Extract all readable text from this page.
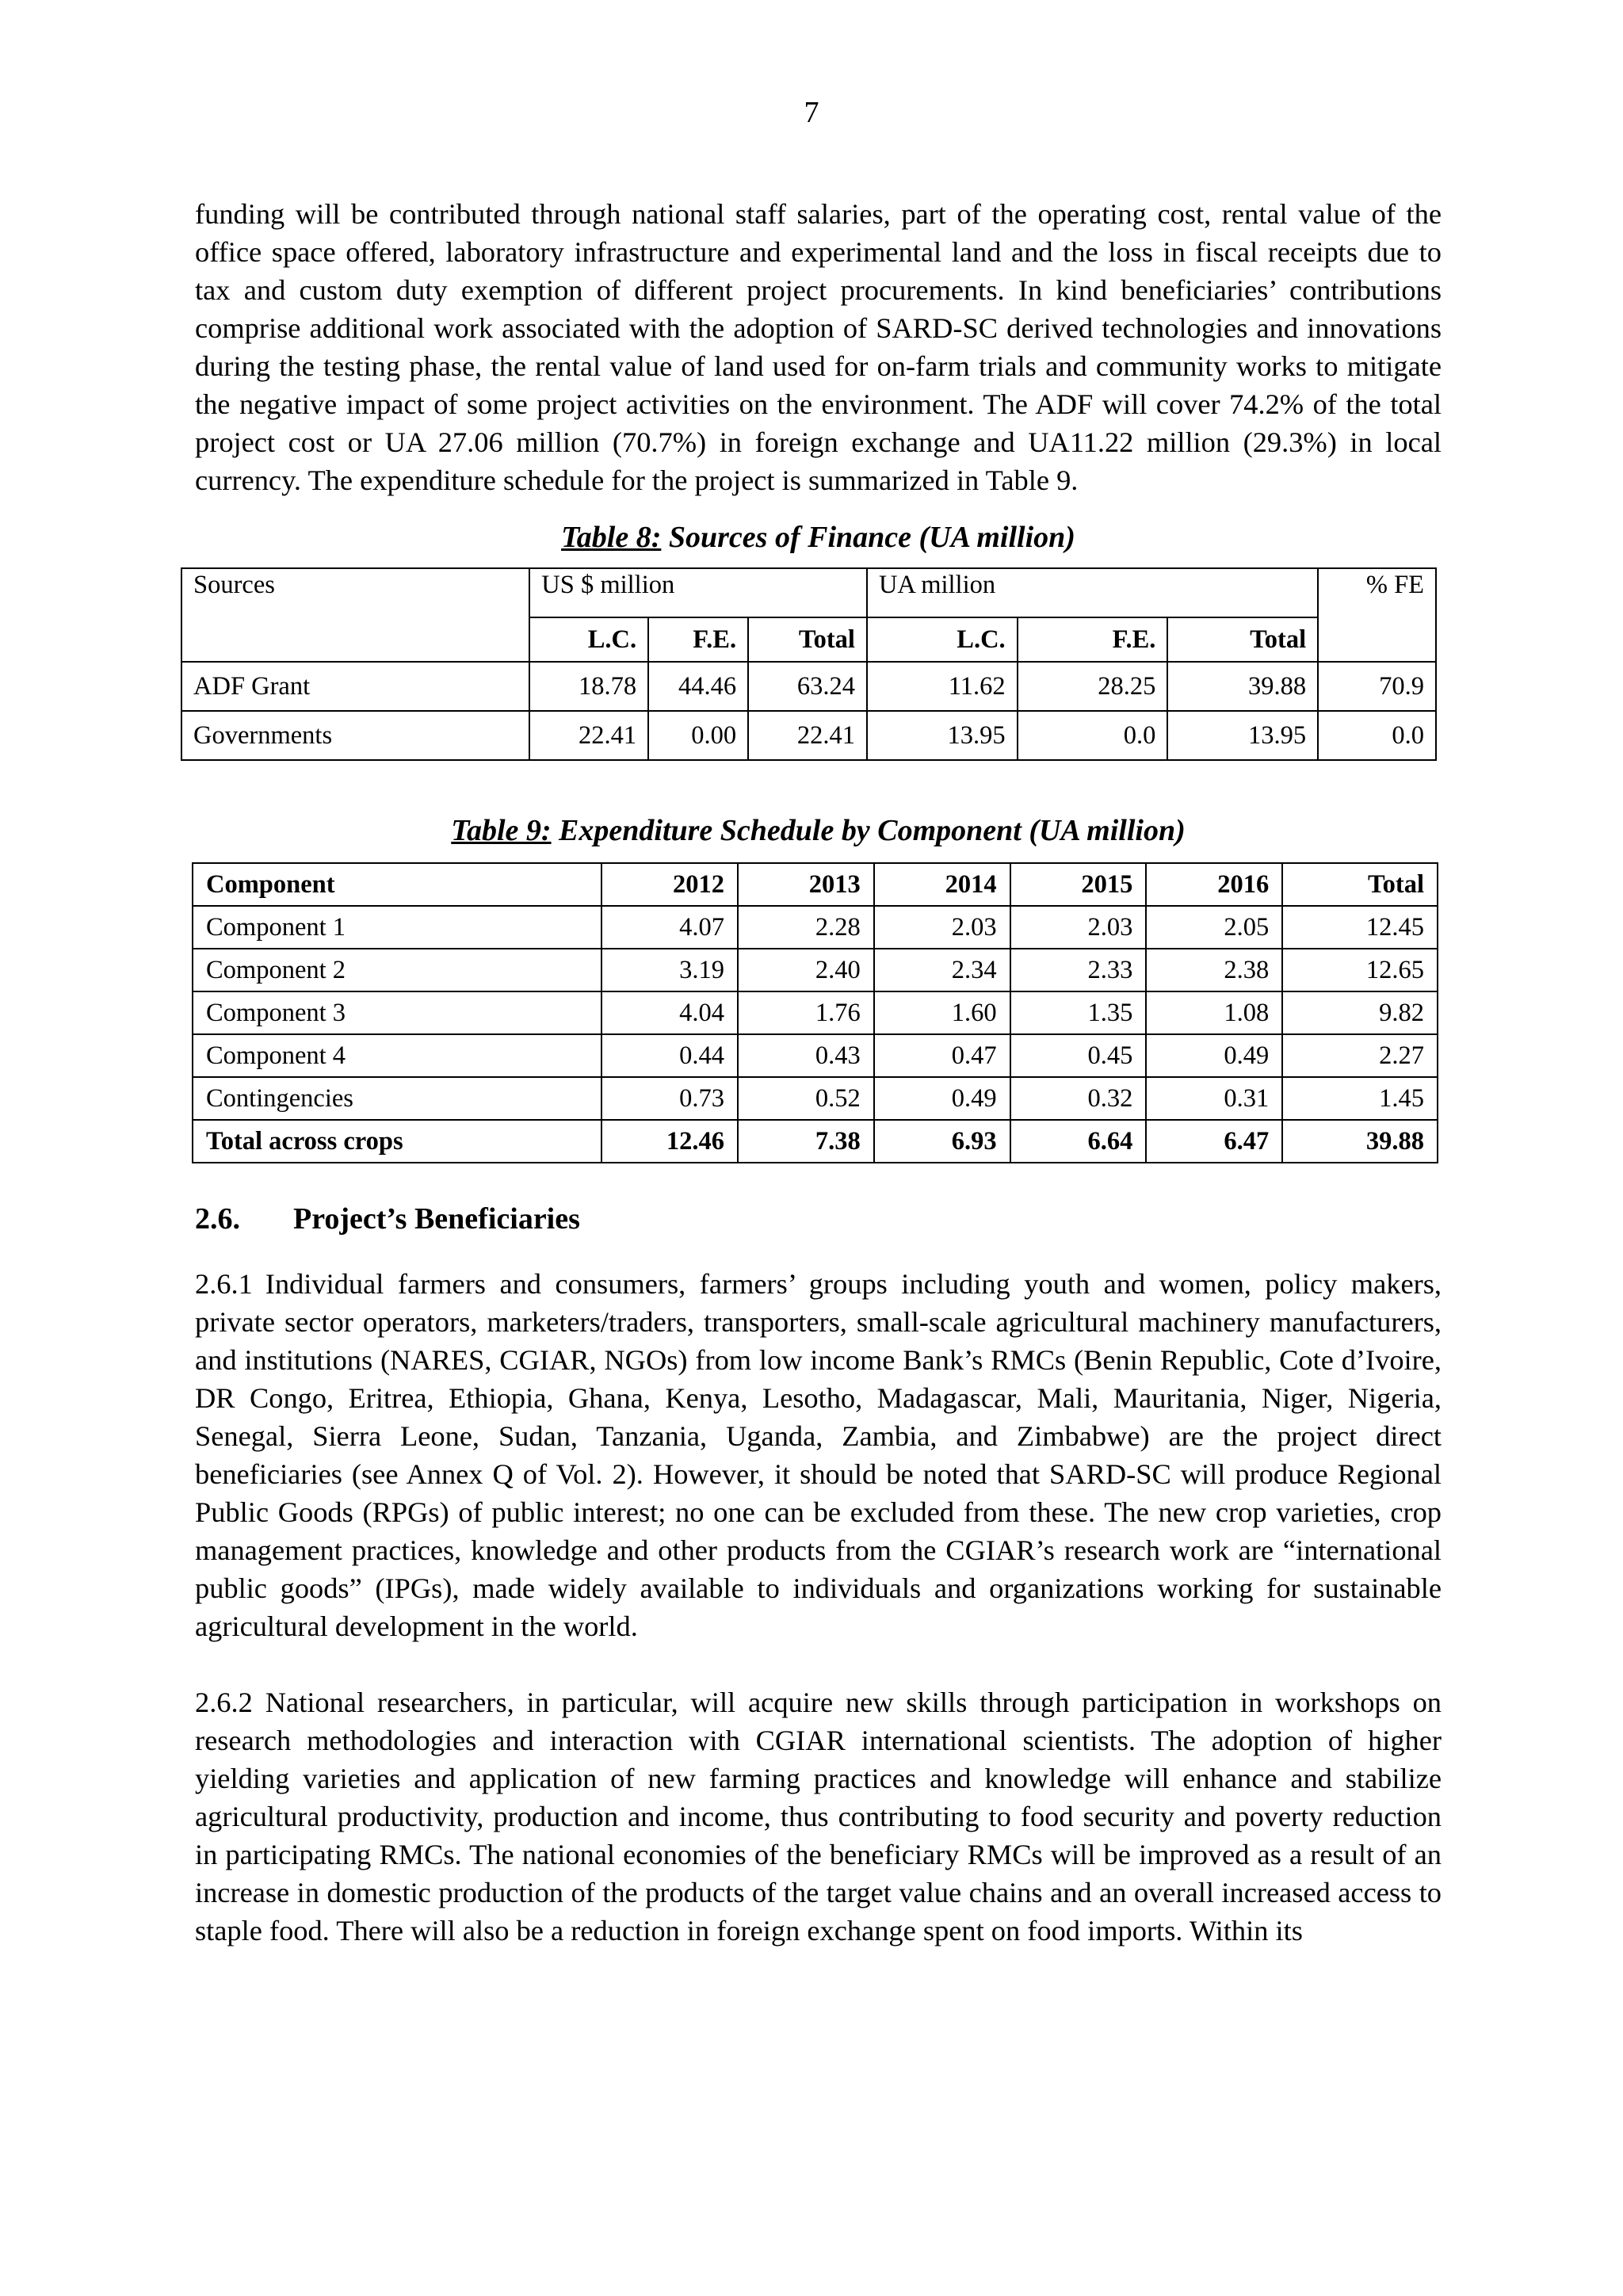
7

funding will be contributed through national staff salaries, part of the operating cost, rental value of the office space offered, laboratory infrastructure and experimental land and the loss in fiscal receipts due to tax and custom duty exemption of different project procurements. In kind beneficiaries’ contributions comprise additional work associated with the adoption of SARD-SC derived technologies and innovations during the testing phase, the rental value of land used for on-farm trials and community works to mitigate the negative impact of some project activities on the environment. The ADF will cover 74.2% of the total project cost or UA 27.06 million (70.7%) in foreign exchange and UA11.22 million (29.3%) in local currency. The expenditure schedule for the project is summarized in Table 9.

Table 8: Sources of Finance (UA million)

Sources	US $ million			UA million			% FE
	L.C.	F.E.	Total	L.C.	F.E.	Total	
ADF Grant	18.78	44.46	63.24	11.62	28.25	39.88	70.9
Governments	22.41	0.00	22.41	13.95	0.0	13.95	0.0

Table 9: Expenditure Schedule by Component (UA million)

Component	2012	2013	2014	2015	2016	Total
Component 1	4.07	2.28	2.03	2.03	2.05	12.45
Component 2	3.19	2.40	2.34	2.33	2.38	12.65
Component 3	4.04	1.76	1.60	1.35	1.08	9.82
Component 4	0.44	0.43	0.47	0.45	0.49	2.27
Contingencies	0.73	0.52	0.49	0.32	0.31	1.45
Total across crops	12.46	7.38	6.93	6.64	6.47	39.88
2.6. Project’s Beneficiaries

2.6.1 Individual farmers and consumers, farmers’ groups including youth and women, policy makers, private sector operators, marketers/traders, transporters, small-scale agricultural machinery manufacturers, and institutions (NARES, CGIAR, NGOs) from low income Bank’s RMCs (Benin Republic, Cote d’Ivoire, DR Congo, Eritrea, Ethiopia, Ghana, Kenya, Lesotho, Madagascar, Mali, Mauritania, Niger, Nigeria, Senegal, Sierra Leone, Sudan, Tanzania, Uganda, Zambia, and Zimbabwe) are the project direct beneficiaries (see Annex Q of Vol. 2). However, it should be noted that SARD-SC will produce Regional Public Goods (RPGs) of public interest; no one can be excluded from these. The new crop varieties, crop management practices, knowledge and other products from the CGIAR’s research work are “international public goods” (IPGs), made widely available to individuals and organizations working for sustainable agricultural development in the world.

2.6.2 National researchers, in particular, will acquire new skills through participation in workshops on research methodologies and interaction with CGIAR international scientists. The adoption of higher yielding varieties and application of new farming practices and knowledge will enhance and stabilize agricultural productivity, production and income, thus contributing to food security and poverty reduction in participating RMCs. The national economies of the beneficiary RMCs will be improved as a result of an increase in domestic production of the products of the target value chains and an overall increased access to staple food. There will also be a reduction in foreign exchange spent on food imports. Within its
